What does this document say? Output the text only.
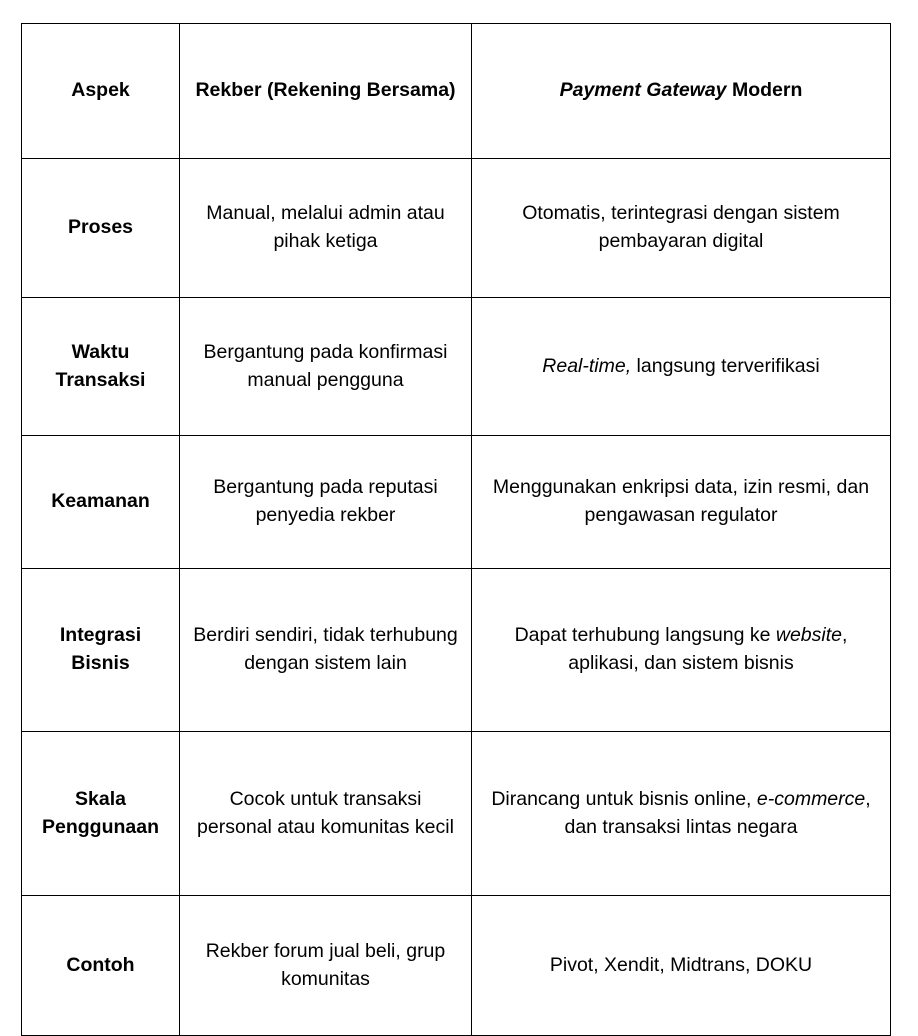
Aspek	Rekber (Rekening Bersama)	Payment Gateway Modern
Proses	Manual, melalui admin atau pihak ketiga	Otomatis, terintegrasi dengan sistem pembayaran digital
Waktu Transaksi	Bergantung pada konfirmasi manual pengguna	Real-time, langsung terverifikasi
Keamanan	Bergantung pada reputasi penyedia rekber	Menggunakan enkripsi data, izin resmi, dan pengawasan regulator
Integrasi Bisnis	Berdiri sendiri, tidak terhubung dengan sistem lain	Dapat terhubung langsung ke website, aplikasi, dan sistem bisnis
Skala Penggunaan	Cocok untuk transaksi personal atau komunitas kecil	Dirancang untuk bisnis online, e-commerce, dan transaksi lintas negara
Contoh	Rekber forum jual beli, grup komunitas	Pivot, Xendit, Midtrans, DOKU
